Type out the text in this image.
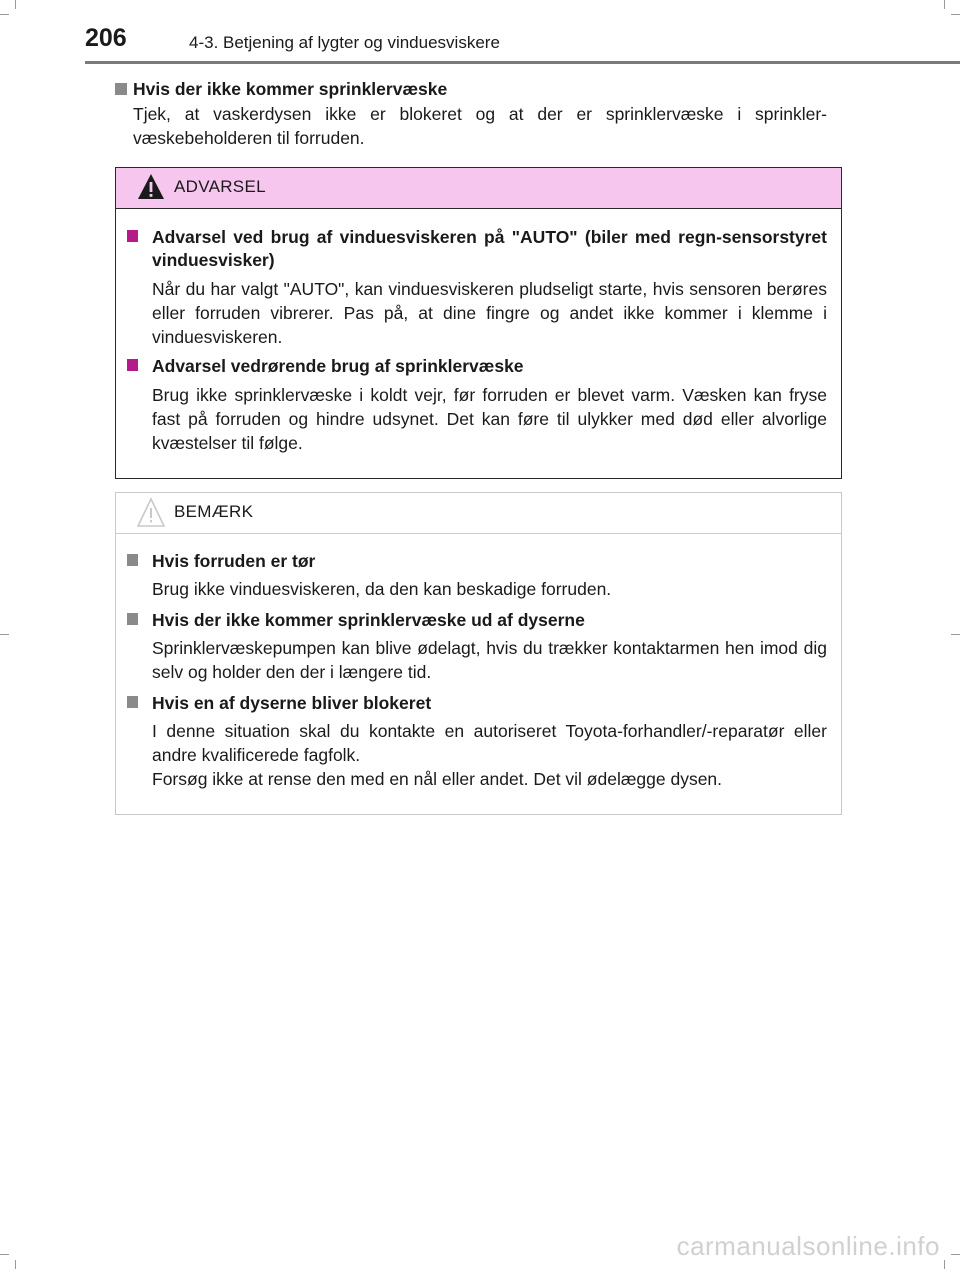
206	4-3. Betjening af lygter og vinduesviskere
Hvis der ikke kommer sprinklervæske
Tjek, at vaskerdysen ikke er blokeret og at der er sprinklervæske i sprinkler-væskebeholderen til forruden.
ADVARSEL
Advarsel ved brug af vinduesviskeren på "AUTO" (biler med regn-sensorstyret vinduesvisker)
Når du har valgt "AUTO", kan vinduesviskeren pludseligt starte, hvis sensoren berøres eller forruden vibrerer. Pas på, at dine fingre og andet ikke kommer i klemme i vinduesviskeren.
Advarsel vedrørende brug af sprinklervæske
Brug ikke sprinklervæske i koldt vejr, før forruden er blevet varm. Væsken kan fryse fast på forruden og hindre udsynet. Det kan føre til ulykker med død eller alvorlige kvæstelser til følge.
BEMÆRK
Hvis forruden er tør
Brug ikke vinduesviskeren, da den kan beskadige forruden.
Hvis der ikke kommer sprinklervæske ud af dyserne
Sprinklervæskepumpen kan blive ødelagt, hvis du trækker kontaktarmen hen imod dig selv og holder den der i længere tid.
Hvis en af dyserne bliver blokeret
I denne situation skal du kontakte en autoriseret Toyota-forhandler/-reparatør eller andre kvalificerede fagfolk.
Forsøg ikke at rense den med en nål eller andet. Det vil ødelægge dysen.
carmanualsonline.info
